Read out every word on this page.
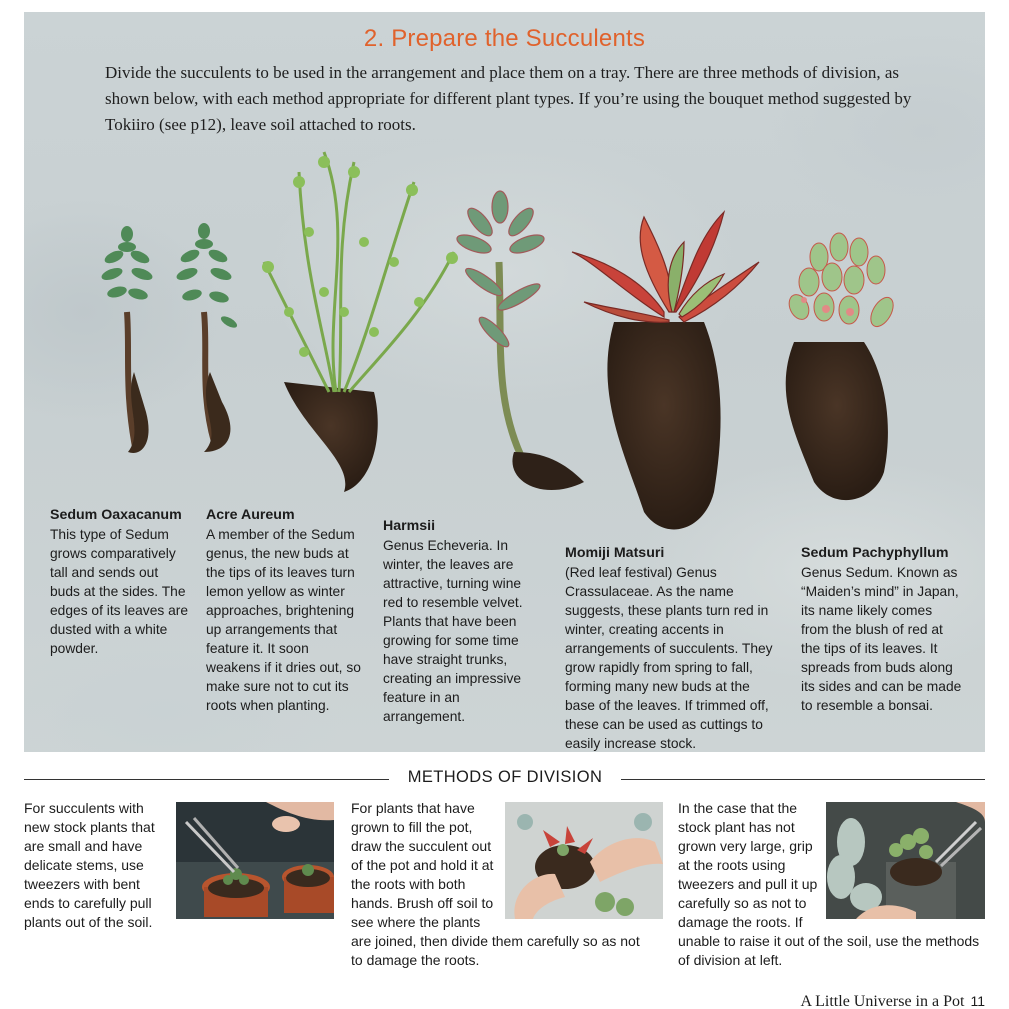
2. Prepare the Succulents
Divide the succulents to be used in the arrangement and place them on a tray. There are three methods of division, as shown below, with each method appropriate for different plant types. If you’re using the bouquet method suggested by Tokiiro (see p12), leave soil attached to roots.
Sedum Oaxacanum
This type of Sedum grows comparatively tall and sends out buds at the sides. The edges of its leaves are dusted with a white powder.
Acre Aureum
A member of the Sedum genus, the new buds at the tips of its leaves turn lemon yellow as winter approaches, brightening up arrangements that feature it. It soon weakens if it dries out, so make sure not to cut its roots when planting.
Harmsii
Genus Echeveria. In winter, the leaves are attractive, turning wine red to resemble velvet. Plants that have been growing for some time have straight trunks, creating an impressive feature in an arrangement.
Momiji Matsuri
(Red leaf festival) Genus Crassulaceae. As the name suggests, these plants turn red in winter, creating accents in arrangements of succulents. They grow rapidly from spring to fall, forming many new buds at the base of the leaves. If trimmed off, these can be used as cuttings to easily increase stock.
Sedum Pachyphyllum
Genus Sedum. Known as “Maiden’s mind” in Japan, its name likely comes from the blush of red at the tips of its leaves. It spreads from buds along its sides and can be made to resemble a bonsai.
METHODS OF DIVISION
For succulents with new stock plants that are small and have delicate stems, use tweezers with bent ends to carefully pull plants out of the soil.
For plants that have
grown to fill the pot,
draw the succulent out
of the pot and hold it at
the roots with both
hands. Brush off soil to
see where the plants
are joined, then divide them carefully so as not
to damage the roots.
In the case that the
stock plant has not
grown very large, grip
at the roots using
tweezers and pull it up
carefully so as not to
damage the roots. If
unable to raise it out of the soil, use the methods
of division at left.
A Little Universe in a Pot 11
